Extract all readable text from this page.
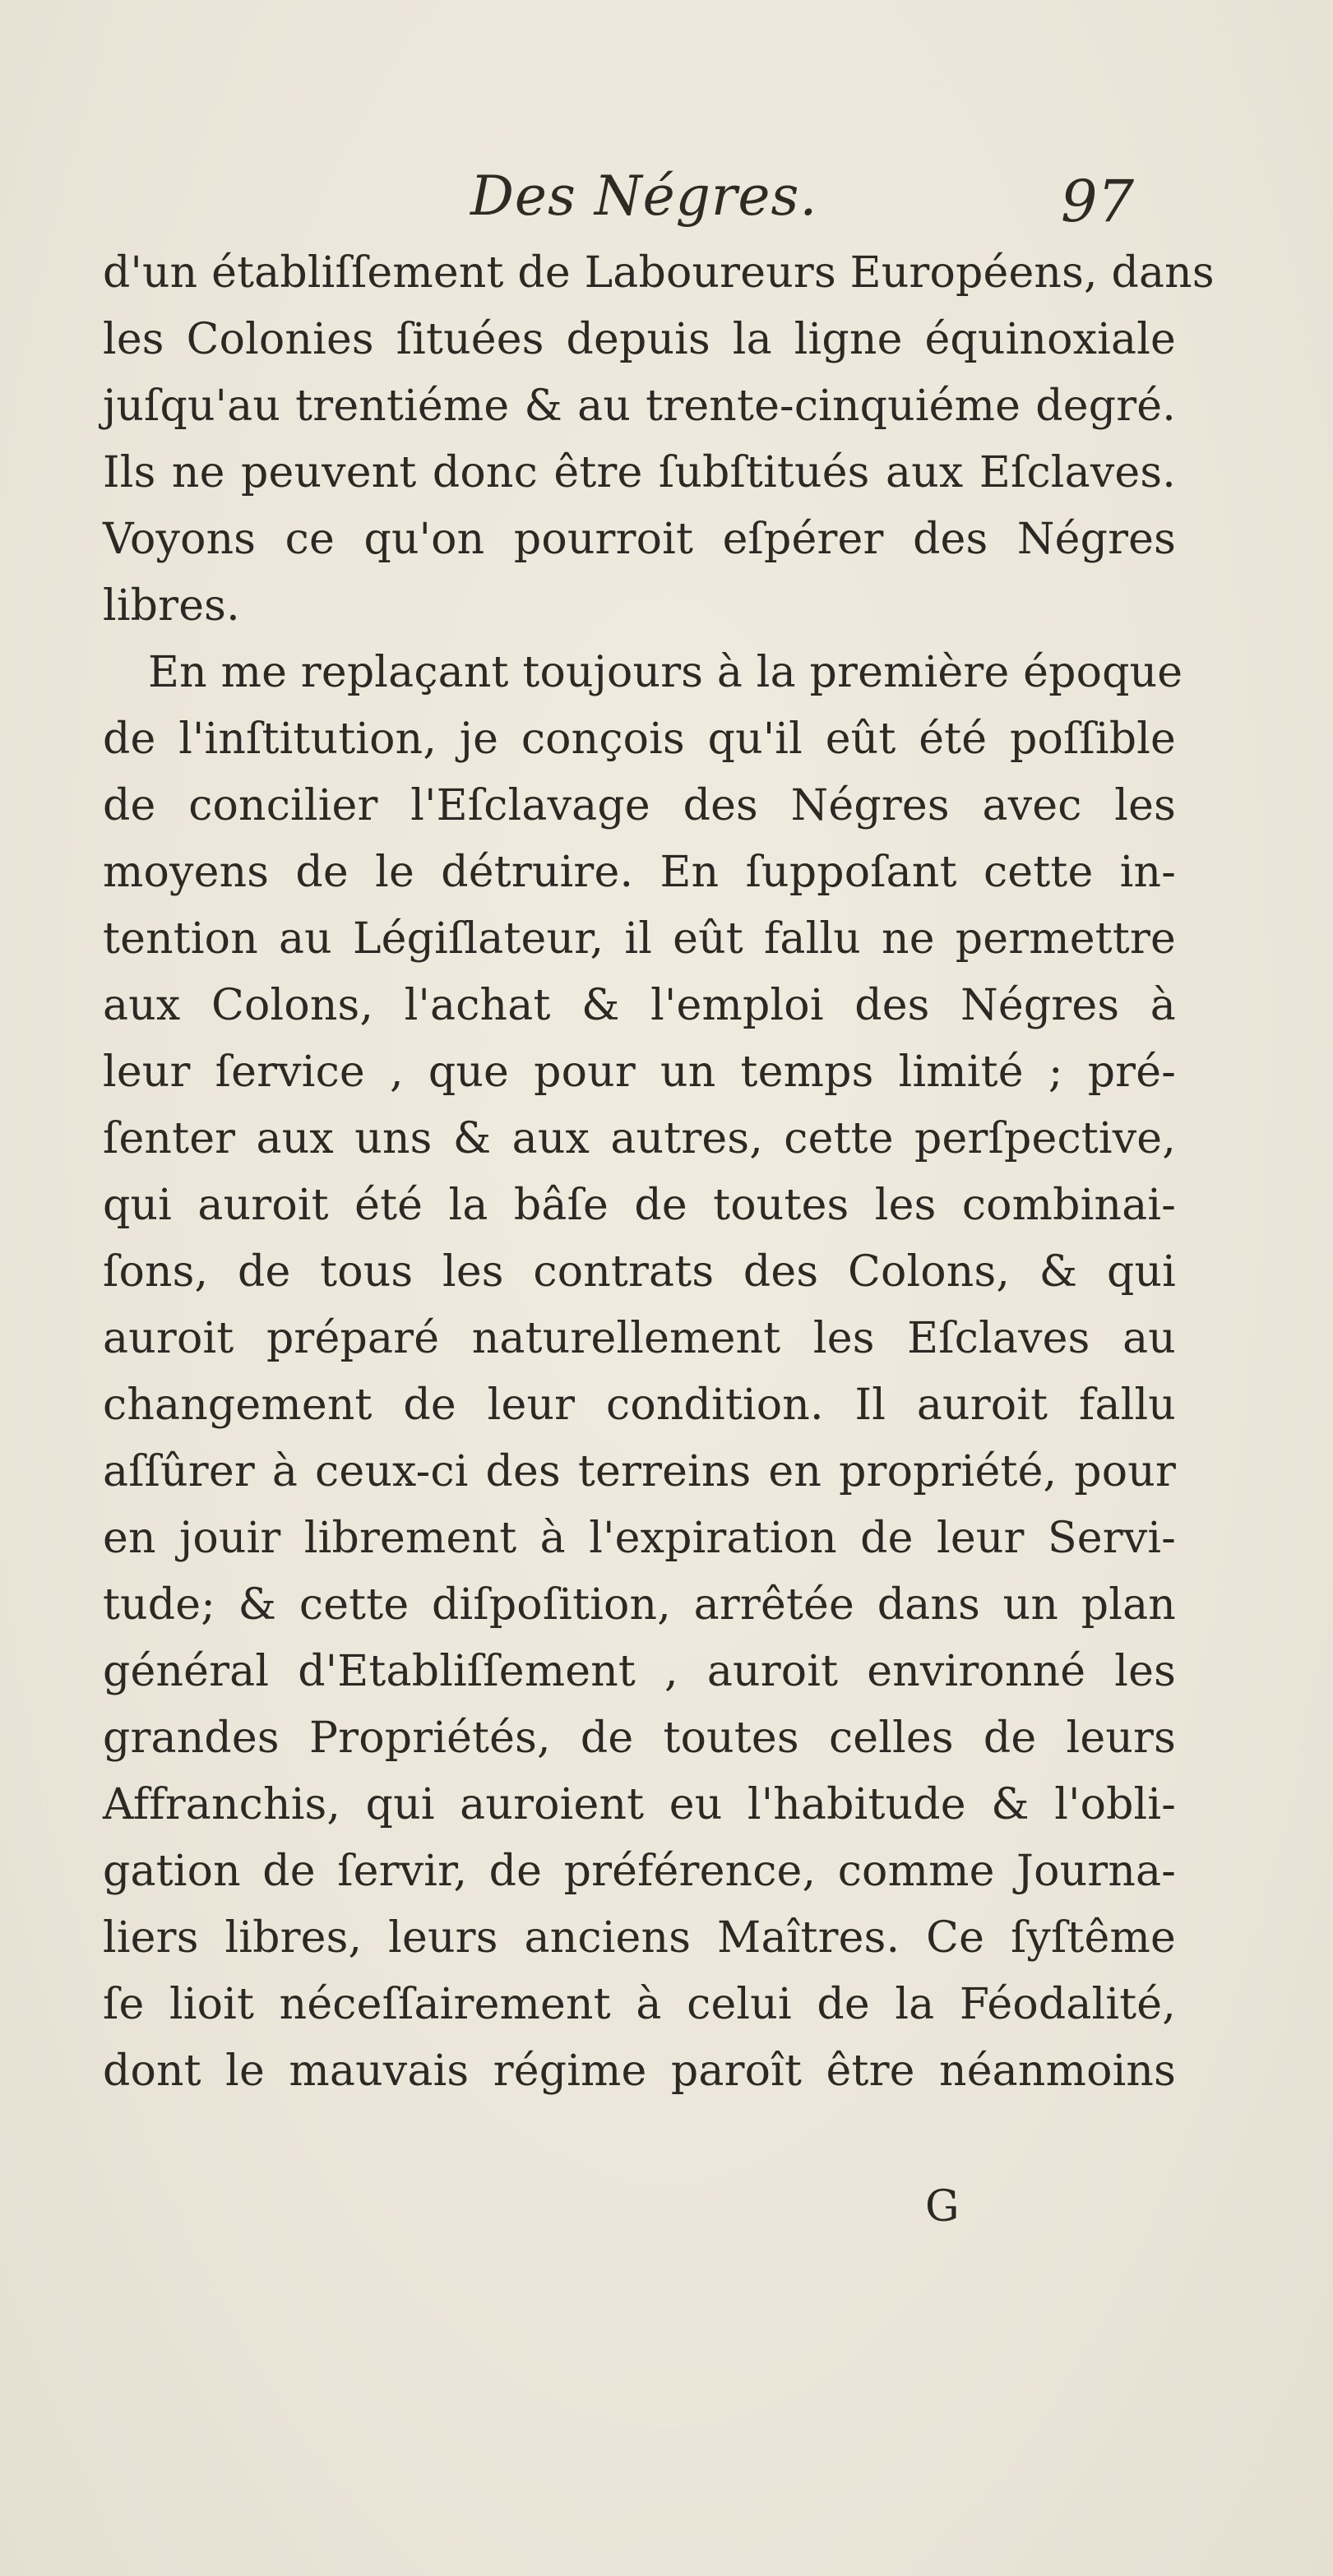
Des Négres.	97
d'un établiſſement de Laboureurs Européens, dans
les Colonies ſituées depuis la ligne équinoxiale
juſqu'au trentiéme & au trente-cinquiéme degré.
Ils ne peuvent donc être ſubſtitués aux Eſclaves.
Voyons ce qu'on pourroit eſpérer des Négres
libres.
En me replaçant toujours à la première époque
de l'inſtitution, je conçois qu'il eût été poſſible
de concilier l'Eſclavage des Négres avec les
moyens de le détruire. En ſuppoſant cette in-
tention au Légiſlateur, il eût fallu ne permettre
aux Colons, l'achat & l'emploi des Négres à
leur ſervice , que pour un temps limité ; pré-
ſenter aux uns & aux autres, cette perſpective,
qui auroit été la bâſe de toutes les combinai-
ſons, de tous les contrats des Colons, & qui
auroit préparé naturellement les Eſclaves au
changement de leur condition. Il auroit fallu
aſſûrer à ceux-ci des terreins en propriété, pour
en jouir librement à l'expiration de leur Servi-
tude; & cette diſpoſition, arrêtée dans un plan
général d'Etabliſſement , auroit environné les
grandes Propriétés, de toutes celles de leurs
Affranchis, qui auroient eu l'habitude & l'obli-
gation de ſervir, de préférence, comme Journa-
liers libres, leurs anciens Maîtres. Ce ſyſtême
ſe lioit néceſſairement à celui de la Féodalité,
dont le mauvais régime paroît être néanmoins
G
